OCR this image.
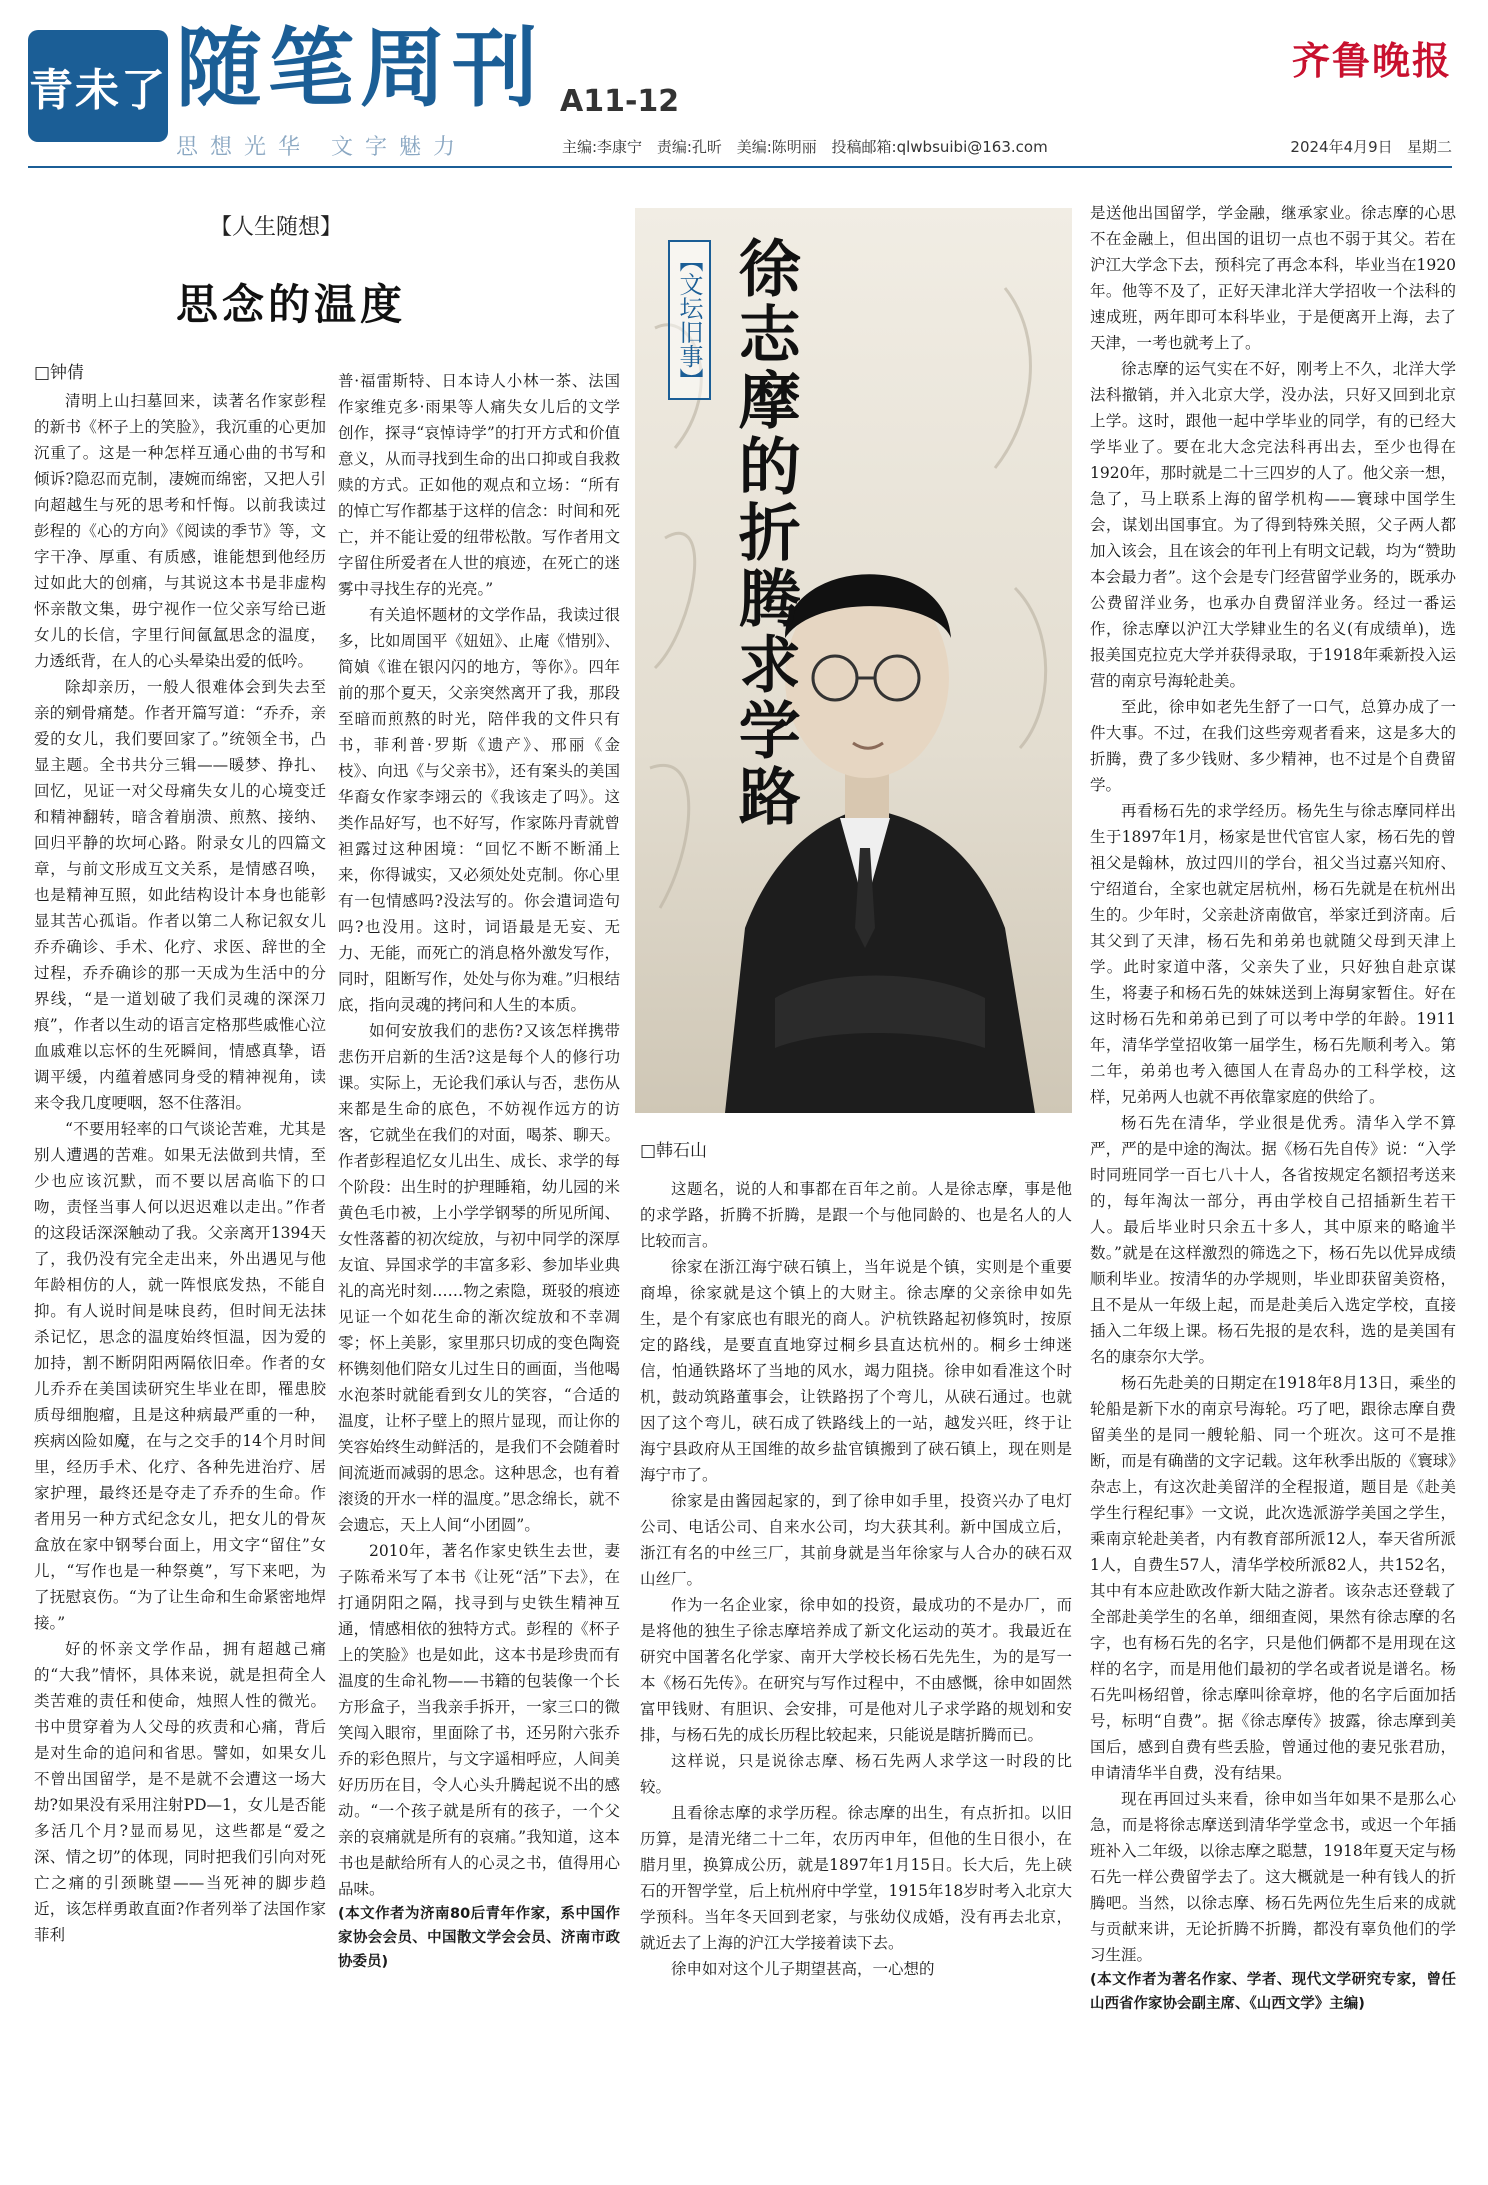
青未了 随笔周刊 A11-12
齐鲁晚报
思想光华 文字魅力	主编:李康宁 责编:孔昕 美编:陈明丽 投稿邮箱:qlwbsuibi@163.com	2024年4月9日 星期二
【人生随想】
思念的温度
□钟倩

清明上山扫墓回来，读著名作家彭程的新书《杯子上的笑脸》，我沉重的心更加沉重了。这是一种怎样互通心曲的书写和倾诉?隐忍而克制，凄婉而绵密，又把人引向超越生与死的思考和忏悔。以前我读过彭程的《心的方向》《阅读的季节》等，文字干净、厚重、有质感，谁能想到他经历过如此大的创痛，与其说这本书是非虚构怀亲散文集，毋宁视作一位父亲写给已逝女儿的长信，字里行间氤氲思念的温度，力透纸背，在人的心头晕染出爱的低吟。

除却亲历，一般人很难体会到失去至亲的剜骨痛楚。作者开篇写道：“乔乔，亲爱的女儿，我们要回家了。”统领全书，凸显主题。全书共分三辑——暖梦、挣扎、回忆，见证一对父母痛失女儿的心境变迁和精神翻转，暗含着崩溃、煎熬、接纳、回归平静的坎坷心路。附录女儿的四篇文章，与前文形成互文关系，是情感召唤，也是精神互照，如此结构设计本身也能彰显其苦心孤诣。作者以第二人称记叙女儿乔乔确诊、手术、化疗、求医、辞世的全过程，乔乔确诊的那一天成为生活中的分界线，“是一道划破了我们灵魂的深深刀痕”，作者以生动的语言定格那些戚惟心泣血戚难以忘怀的生死瞬间，情感真挚，语调平缓，内蕴着感同身受的精神视角，读来令我几度哽咽，怒不住落泪。

“不要用轻率的口气谈论苦难，尤其是别人遭遇的苦难。如果无法做到共情，至少也应该沉默，而不要以居高临下的口吻，责怪当事人何以迟迟难以走出。”作者的这段话深深触动了我。父亲离开1394天了，我仍没有完全走出来，外出遇见与他年龄相仿的人，就一阵恨底发热，不能自抑。有人说时间是味良药，但时间无法抹杀记忆，思念的温度始终恒温，因为爱的加持，割不断阴阳两隔依旧牵。作者的女儿乔乔在美国读研究生毕业在即，罹患胶质母细胞瘤，且是这种病最严重的一种，疾病凶险如魔，在与之交手的14个月时间里，经历手术、化疗、各种先进治疗、居家护理，最终还是夺走了乔乔的生命。作者用另一种方式纪念女儿，把女儿的骨灰盒放在家中钢琴台面上，用文字“留住”女儿，“写作也是一种祭奠”，写下来吧，为了抚慰哀伤。“为了让生命和生命紧密地焊接。”

好的怀亲文学作品，拥有超越己痛的“大我”情怀，具体来说，就是担荷全人类苦难的责任和使命，烛照人性的微光。书中贯穿着为人父母的疚责和心痛，背后是对生命的追问和省思。譬如，如果女儿不曾出国留学，是不是就不会遭这一场大劫?如果没有采用注射PD—1，女儿是否能多活几个月?显而易见，这些都是“爱之深、情之切”的体现，同时把我们引向对死亡之痛的引颈眺望——当死神的脚步趋近，该怎样勇敢直面?作者列举了法国作家菲利

普·福雷斯特、日本诗人小林一茶、法国作家维克多·雨果等人痛失女儿后的文学创作，探寻“哀悼诗学”的打开方式和价值意义，从而寻找到生命的出口抑或自我救赎的方式。正如他的观点和立场：“所有的悼亡写作都基于这样的信念：时间和死亡，并不能让爱的纽带松散。写作者用文字留住所爱者在人世的痕迹，在死亡的迷雾中寻找生存的光亮。”

有关追怀题材的文学作品，我读过很多，比如周国平《妞妞》、止庵《惜别》、简媜《谁在银闪闪的地方，等你》。四年前的那个夏天，父亲突然离开了我，那段至暗而煎熬的时光，陪伴我的文件只有书，菲利普·罗斯《遗产》、邢丽《金枝》、向迅《与父亲书》，还有案头的美国华裔女作家李翊云的《我该走了吗》。这类作品好写，也不好写，作家陈丹青就曾袒露过这种困境：“回忆不断不断涌上来，你得诚实，又必须处处克制。你心里有一包情感吗?没法写的。你会遣词造句吗?也没用。这时，词语最是无妄、无力、无能，而死亡的消息格外激发写作，同时，阻断写作，处处与你为难。”归根结底，指向灵魂的拷问和人生的本质。

如何安放我们的悲伤?又该怎样携带悲伤开启新的生活?这是每个人的修行功课。实际上，无论我们承认与否，悲伤从来都是生命的底色，不妨视作远方的访客，它就坐在我们的对面，喝茶、聊天。作者彭程追忆女儿出生、成长、求学的每个阶段：出生时的护理睡箱，幼儿园的米黄色毛巾被，上小学学钢琴的所见所闻、女性落蓄的初次绽放，与初中同学的深厚友谊、异国求学的丰富多彩、参加毕业典礼的高光时刻……物之索隐，斑驳的痕迹见证一个如花生命的渐次绽放和不幸凋零；怀上美影，家里那只切成的变色陶瓷杯镌刻他们陪女儿过生日的画面，当他喝水泡茶时就能看到女儿的笑容，“合适的温度，让杯子壁上的照片显现，而让你的笑容始终生动鲜活的，是我们不会随着时间流逝而减弱的思念。这种思念，也有着滚烫的开水一样的温度。”思念绵长，就不会遗忘，天上人间“小团圆”。

2010年，著名作家史铁生去世，妻子陈希米写了本书《让死“活”下去》，在打通阴阳之隔，找寻到与史铁生精神互通，情感相依的独特方式。彭程的《杯子上的笑脸》也是如此，这本书是珍贵而有温度的生命礼物——书籍的包装像一个长方形盒子，当我亲手拆开，一家三口的微笑闯入眼帘，里面除了书，还另附六张乔乔的彩色照片，与文字遥相呼应，人间美好历历在目，令人心头升腾起说不出的感动。“一个孩子就是所有的孩子，一个父亲的哀痛就是所有的哀痛。”我知道，这本书也是献给所有人的心灵之书，值得用心品味。

(本文作者为济南80后青年作家，系中国作家协会会员、中国散文学会会员、济南市政协委员)

【文坛旧事】 徐志摩的折腾求学路
□韩石山

这题名，说的人和事都在百年之前。人是徐志摩，事是他的求学路，折腾不折腾，是跟一个与他同龄的、也是名人的人比较而言。

徐家在浙江海宁硖石镇上，当年说是个镇，实则是个重要商埠，徐家就是这个镇上的大财主。徐志摩的父亲徐申如先生，是个有家底也有眼光的商人。沪杭铁路起初修筑时，按原定的路线，是要直直地穿过桐乡县直达杭州的。桐乡士绅迷信，怕通铁路坏了当地的风水，竭力阻挠。徐申如看准这个时机，鼓动筑路董事会，让铁路拐了个弯儿，从硖石通过。也就因了这个弯儿，硖石成了铁路线上的一站，越发兴旺，终于让海宁县政府从王国维的故乡盐官镇搬到了硖石镇上，现在则是海宁市了。

徐家是由酱园起家的，到了徐申如手里，投资兴办了电灯公司、电话公司、自来水公司，均大获其利。新中国成立后，浙江有名的中丝三厂，其前身就是当年徐家与人合办的硖石双山丝厂。

作为一名企业家，徐申如的投资，最成功的不是办厂，而是将他的独生子徐志摩培养成了新文化运动的英才。我最近在研究中国著名化学家、南开大学校长杨石先先生，为的是写一本《杨石先传》。在研究与写作过程中，不由感慨，徐申如固然富甲钱财、有胆识、会安排，可是他对儿子求学路的规划和安排，与杨石先的成长历程比较起来，只能说是瞎折腾而已。

这样说，只是说徐志摩、杨石先两人求学这一时段的比较。

且看徐志摩的求学历程。徐志摩的出生，有点折扣。以旧历算，是清光绪二十二年，农历丙申年，但他的生日很小，在腊月里，换算成公历，就是1897年1月15日。长大后，先上硖石的开智学堂，后上杭州府中学堂，1915年18岁时考入北京大学预科。当年冬天回到老家，与张幼仪成婚，没有再去北京，就近去了上海的沪江大学接着读下去。

徐申如对这个儿子期望甚高，一心想的

是送他出国留学，学金融，继承家业。徐志摩的心思不在金融上，但出国的诅切一点也不弱于其父。若在沪江大学念下去，预科完了再念本科，毕业当在1920年。他等不及了，正好天津北洋大学招收一个法科的速成班，两年即可本科毕业，于是便离开上海，去了天津，一考也就考上了。

徐志摩的运气实在不好，刚考上不久，北洋大学法科撤销，并入北京大学，没办法，只好又回到北京上学。这时，跟他一起中学毕业的同学，有的已经大学毕业了。要在北大念完法科再出去，至少也得在1920年，那时就是二十三四岁的人了。他父亲一想，急了，马上联系上海的留学机构——寰球中国学生会，谋划出国事宜。为了得到特殊关照，父子两人都加入该会，且在该会的年刊上有明文记载，均为“赞助本会最力者”。这个会是专门经营留学业务的，既承办公费留洋业务，也承办自费留洋业务。经过一番运作，徐志摩以沪江大学肄业生的名义(有成绩单)，选报美国克拉克大学并获得录取，于1918年乘新投入运营的南京号海轮赴美。

至此，徐申如老先生舒了一口气，总算办成了一件大事。不过，在我们这些旁观者看来，这是多大的折腾，费了多少钱财、多少精神，也不过是个自费留学。

再看杨石先的求学经历。杨先生与徐志摩同样出生于1897年1月，杨家是世代官宦人家，杨石先的曾祖父是翰林，放过四川的学台，祖父当过嘉兴知府、宁绍道台，全家也就定居杭州，杨石先就是在杭州出生的。少年时，父亲赴济南做官，举家迁到济南。后其父到了天津，杨石先和弟弟也就随父母到天津上学。此时家道中落，父亲失了业，只好独自赴京谋生，将妻子和杨石先的妹妹送到上海舅家暂住。好在这时杨石先和弟弟已到了可以考中学的年龄。1911年，清华学堂招收第一届学生，杨石先顺利考入。第二年，弟弟也考入德国人在青岛办的工科学校，这样，兄弟两人也就不再依靠家庭的供给了。

杨石先在清华，学业很是优秀。清华入学不算严，严的是中途的淘汰。据《杨石先自传》说：“入学时同班同学一百七八十人，各省按规定名额招考送来的，每年淘汰一部分，再由学校自己招插新生若干人。最后毕业时只余五十多人，其中原来的略逾半数。”就是在这样激烈的筛选之下，杨石先以优异成绩顺利毕业。按清华的办学规则，毕业即获留美资格，且不是从一年级上起，而是赴美后入选定学校，直接插入二年级上课。杨石先报的是农科，选的是美国有名的康奈尔大学。

杨石先赴美的日期定在1918年8月13日，乘坐的轮船是新下水的南京号海轮。巧了吧，跟徐志摩自费留美坐的是同一艘轮船、同一个班次。这可不是推断，而是有确凿的文字记载。这年秋季出版的《寰球》杂志上，有这次赴美留洋的全程报道，题目是《赴美学生行程纪事》一文说，此次选派游学美国之学生，乘南京轮赴美者，内有教育部所派12人，奉天省所派1人，自费生57人，清华学校所派82人，共152名，其中有本应赴欧改作新大陆之游者。该杂志还登载了全部赴美学生的名单，细细查阅，果然有徐志摩的名字，也有杨石先的名字，只是他们俩都不是用现在这样的名字，而是用他们最初的学名或者说是谱名。杨石先叫杨绍曾，徐志摩叫徐章垿，他的名字后面加括号，标明“自费”。据《徐志摩传》披露，徐志摩到美国后，感到自费有些丢脸，曾通过他的妻兄张君劢，申请清华半自费，没有结果。

现在再回过头来看，徐申如当年如果不是那么心急，而是将徐志摩送到清华学堂念书，或迟一个年插班补入二年级，以徐志摩之聪慧，1918年夏天定与杨石先一样公费留学去了。这大概就是一种有钱人的折腾吧。当然，以徐志摩、杨石先两位先生后来的成就与贡献来讲，无论折腾不折腾，都没有辜负他们的学习生涯。

(本文作者为著名作家、学者、现代文学研究专家，曾任山西省作家协会副主席、《山西文学》主编)
